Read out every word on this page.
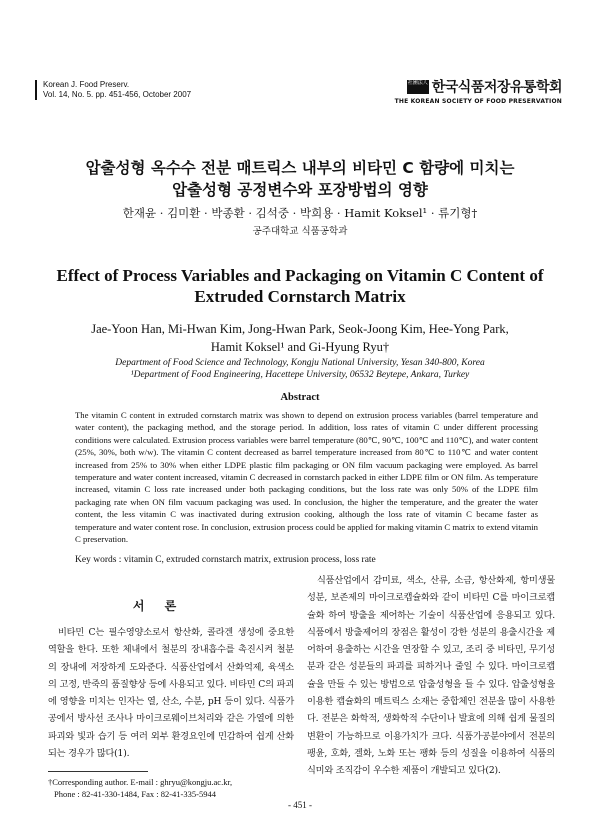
Korean J. Food Preserv.
Vol. 14, No. 5. pp. 451-456, October 2007
社團法人 한국식품저장유통학회
THE KOREAN SOCIETY OF FOOD PRESERVATION
압출성형 옥수수 전분 매트릭스 내부의 비타민 C 함량에 미치는
압출성형 공정변수와 포장방법의 영향
한재윤 · 김미환 · 박종환 · 김석중 · 박희용 · Hamit Koksel¹ · 류기형†
공주대학교 식품공학과
Effect of Process Variables and Packaging on Vitamin C Content of
Extruded Cornstarch Matrix
Jae-Yoon Han, Mi-Hwan Kim, Jong-Hwan Park, Seok-Joong Kim, Hee-Yong Park,
Hamit Koksel¹ and Gi-Hyung Ryu†
Department of Food Science and Technology, Kongju National University, Yesan 340-800, Korea
¹Department of Food Engineering, Hacettepe University, 06532 Beytepe, Ankara, Turkey
Abstract
The vitamin C content in extruded cornstarch matrix was shown to depend on extrusion process variables (barrel temperature and water content), the packaging method, and the storage period. In addition, loss rates of vitamin C under different processing conditions were calculated. Extrusion process variables were barrel temperature (80℃, 90℃, 100℃ and 110℃), and water content (25%, 30%, both w/w). The vitamin C content decreased as barrel temperature increased from 80℃ to 110℃ and water content increased from 25% to 30% when either LDPE plastic film packaging or ON film vacuum packaging were employed. As barrel temperature and water content increased, vitamin C decreased in cornstarch packed in either LDPE film or ON film. As temperature increased, vitamin C loss rate increased under both packaging conditions, but the loss rate was only 50% of the LDPE film packaging rate when ON film vacuum packaging was used. In conclusion, the higher the temperature, and the greater the water content, the less vitamin C was inactivated during extrusion cooking, although the loss rate of vitamin C became faster as temperature and water content rose. In conclusion, extrusion process could be applied for making vitamin C matrix to extend vitamin C preservation.
Key words : vitamin C, extruded cornstarch matrix, extrusion process, loss rate
서 론
비타민 C는 필수영양소로서 항산화, 콜라겐 생성에 중요한 역할을 한다. 또한 체내에서 철분의 장내흡수를 촉진시켜 철분의 장내에 저장하게 도와준다. 식품산업에서 산화억제, 육색소의 고정, 반죽의 품질향상 등에 사용되고 있다. 비타민 C의 파괴에 영향을 미치는 인자는 열, 산소, 수분, pH 등이 있다. 식품가공에서 방사선 조사나 마이크로웨이브처리와 같은 가열에 의한 파괴와 빛과 습기 등 여러 외부 환경요인에 민감하여 쉽게 산화되는 경우가 많다(1).
식품산업에서 감미료, 색소, 산류, 소금, 항산화제, 항미생물성분, 보존제의 마이크로캡슐화와 같이 비타민 C를 마이크로캡슐화 하여 방출을 제어하는 기술이 식품산업에 응용되고 있다. 식품에서 방출제어의 장점은 활성이 강한 성분의 용출시간을 제어하여 용출하는 시간을 연장할 수 있고, 조리 중 비타민, 무기성분과 같은 성분들의 파괴를 피하거나 줄일 수 있다. 마이크로캡슐을 만들 수 있는 방법으로 압출성형을 들 수 있다. 압출성형을 이용한 캡슐화의 매트릭스 소재는 중합체인 전분을 많이 사용한다. 전분은 화학적, 생화학적 수단이나 발효에 의해 쉽게 물질의 변환이 가능하므로 이용가치가 크다. 식품가공분야에서 전분의 팽윤, 호화, 겔화, 노화 또는 팽화 등의 성질을 이용하여 식품의 식미와 조직감이 우수한 제품이 개발되고 있다(2).
†Corresponding author. E-mail : ghryu@kongju.ac.kr,
Phone : 82-41-330-1484, Fax : 82-41-335-5944
- 451 -
